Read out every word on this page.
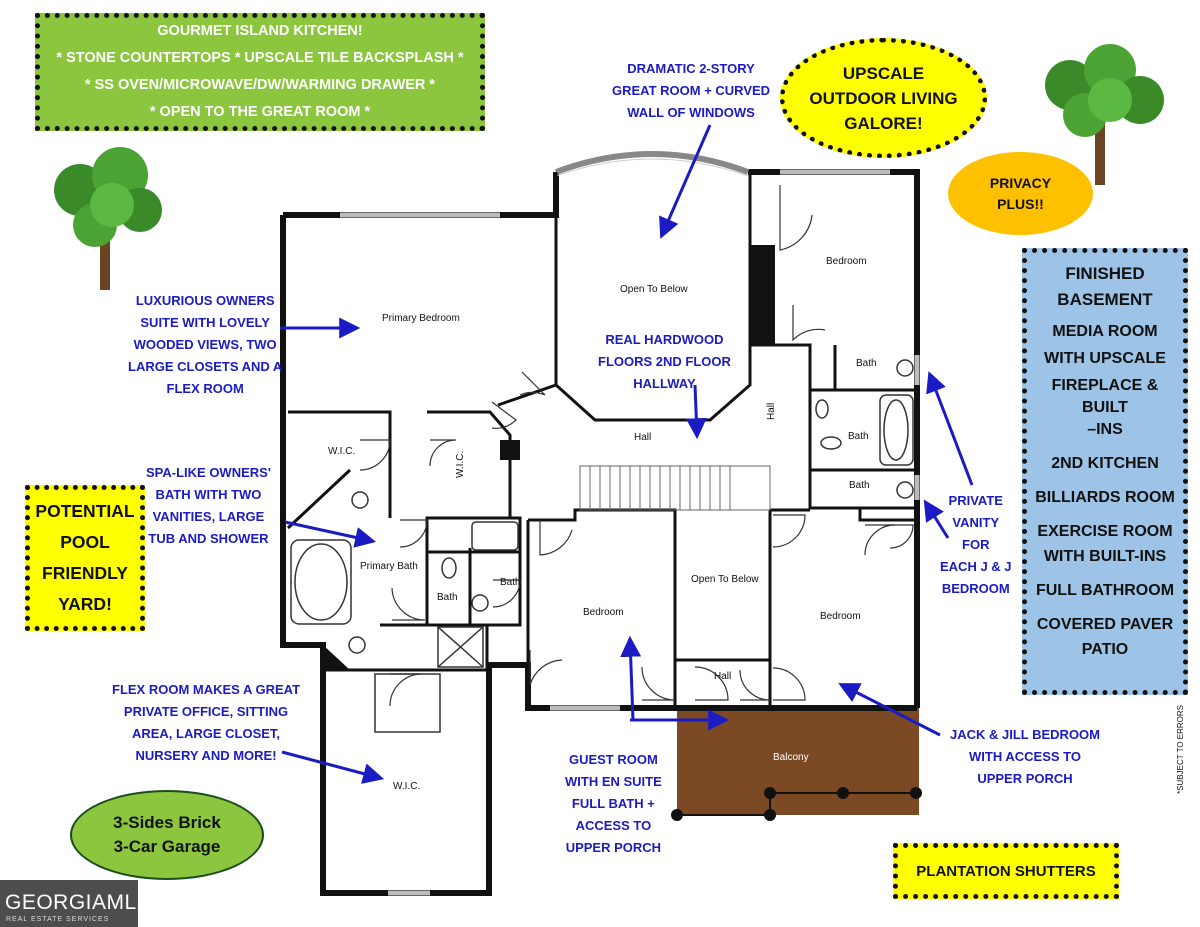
GOURMET ISLAND KITCHEN!
* STONE COUNTERTOPS * UPSCALE TILE BACKSPLASH *
* SS OVEN/MICROWAVE/DW/WARMING DRAWER *
* OPEN TO THE GREAT ROOM *
UPSCALE
OUTDOOR LIVING
GALORE!
PRIVACY
PLUS!!
FINISHED
BASEMENT
MEDIA ROOM
WITH UPSCALE
FIREPLACE & BUILT
–INS
2ND KITCHEN
BILLIARDS ROOM
EXERCISE ROOM
WITH BUILT-INS
FULL BATHROOM
COVERED PAVER
PATIO
POTENTIAL
POOL
FRIENDLY
YARD!
PLANTATION SHUTTERS
3-Sides Brick
3-Car Garage
DRAMATIC 2-STORY
GREAT ROOM + CURVED
WALL OF WINDOWS
LUXURIOUS OWNERS
SUITE WITH LOVELY
WOODED VIEWS, TWO
LARGE CLOSETS AND A
FLEX ROOM
REAL HARDWOOD
FLOORS 2ND FLOOR
HALLWAY
SPA-LIKE OWNERS'
BATH WITH TWO
VANITIES, LARGE
TUB AND SHOWER
PRIVATE
VANITY
FOR
EACH J & J
BEDROOM
FLEX ROOM MAKES A GREAT
PRIVATE OFFICE, SITTING
AREA, LARGE CLOSET,
NURSERY AND MORE!	GUEST ROOM
WITH EN SUITE
FULL BATH +
ACCESS TO
UPPER PORCH
JACK & JILL BEDROOM
WITH ACCESS TO
UPPER PORCH
Open To Below
Bedroom
Primary Bedroom
Bath
Hall
Bath
Hall
Bath
W.I.C.	W.I.C.
Primary Bath
Bath
Bath
Bedroom
Open To Below
Bedroom
Hall
Balcony
W.I.C.	*SUBJECT TO ERRORS
GEORGIAMLS
REAL ESTATE SERVICES
